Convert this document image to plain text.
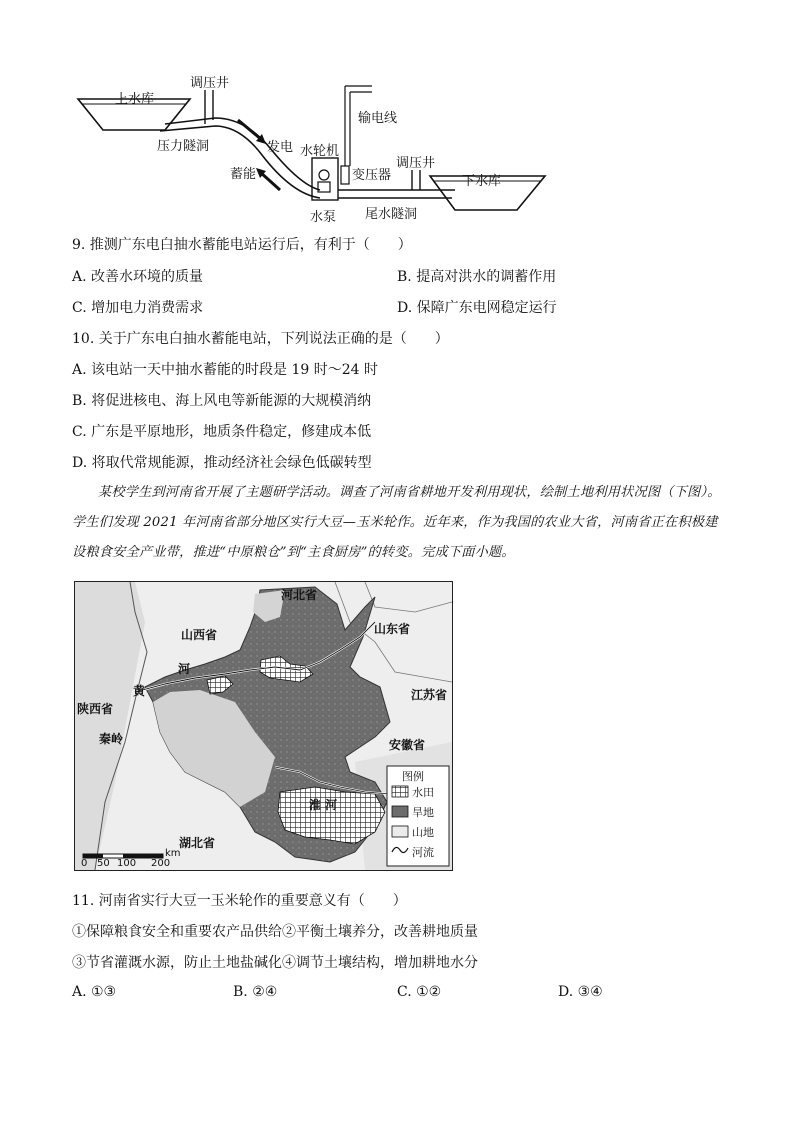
上水库
调压井
压力隧洞	发电
蓄能
水轮机
输电线
变压器
调压井
下水库
水泵 尾水隧洞
9. 推测广东电白抽水蓄能电站运行后，有利于（　　）
A. 改善水环境的质量	B. 提高对洪水的调蓄作用
C. 增加电力消费需求	D. 保障广东电网稳定运行
10. 关于广东电白抽水蓄能电站，下列说法正确的是（　　）
A. 该电站一天中抽水蓄能的时段是 19 时～24 时
B. 将促进核电、海上风电等新能源的大规模消纳
C. 广东是平原地形，地质条件稳定，修建成本低
D. 将取代常规能源，推动经济社会绿色低碳转型
某校学生到河南省开展了主题研学活动。调查了河南省耕地开发利用现状，绘制土地利用状况图（下图）。学生们发现 2021 年河南省部分地区实行大豆—玉米轮作。近年来，作为我国的农业大省，河南省正在积极建设粮食安全产业带，推进“中原粮仓”到“主食厨房”的转变。完成下面小题。
河北省
山西省	山东省
河
黄	江苏省
陕西省
秦岭	安徽省
淮 河
湖北省
图例
水田
旱地
山地
河流
0 50 100 200
km
11. 河南省实行大豆一玉米轮作的重要意义有（　　）
①保障粮食安全和重要农产品供给②平衡土壤养分，改善耕地质量
③节省灌溉水源，防止土地盐碱化④调节土壤结构，增加耕地水分
A. ①③	B. ②④	C. ①②	D. ③④
